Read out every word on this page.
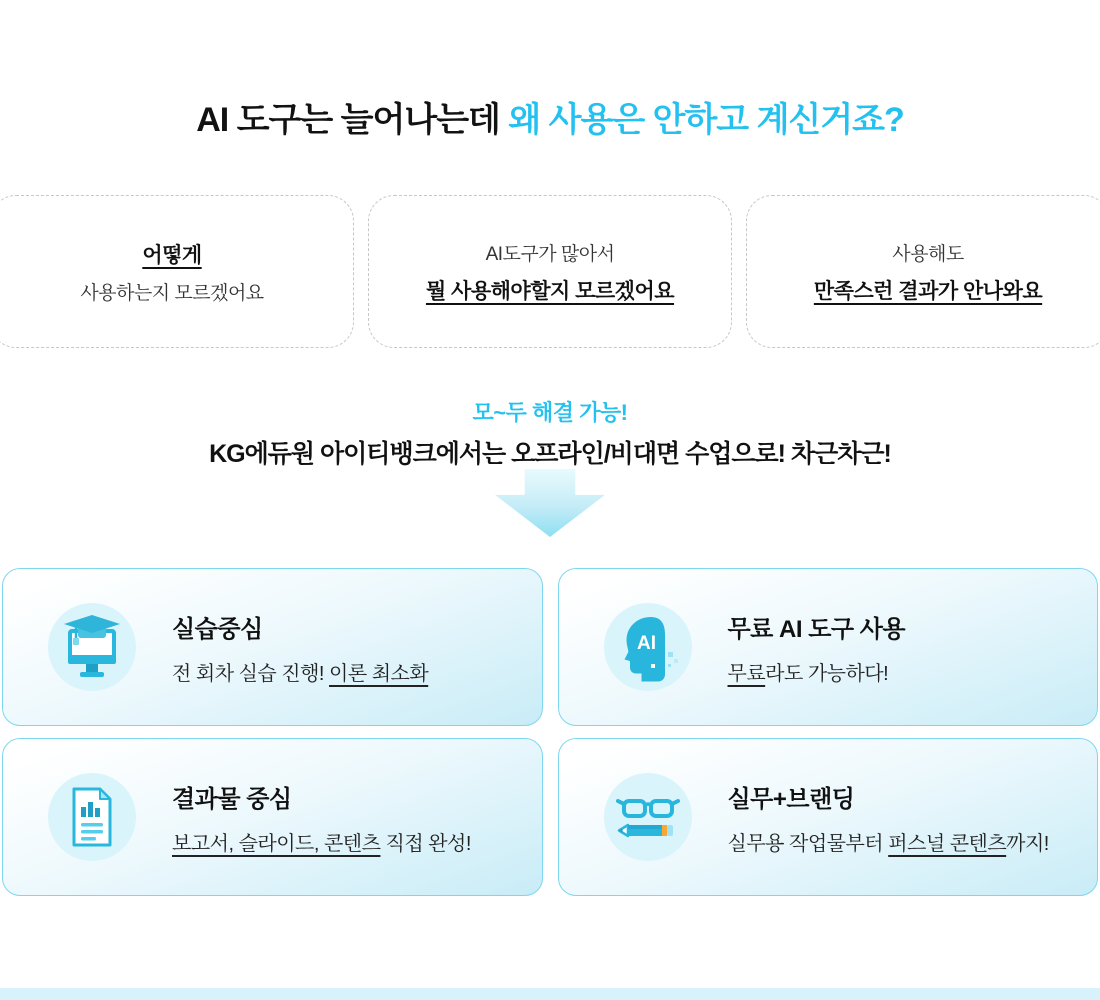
AI 도구는 늘어나는데 왜 사용은 안하고 계신거죠?
어떻게
사용하는지 모르겠어요
AI도구가 많아서
뭘 사용해야할지 모르겠어요
사용해도
만족스런 결과가 안나와요
모~두 해결 가능!
KG에듀원 아이티뱅크에서는 오프라인/비대면 수업으로! 차근차근!
실습중심
전 회차 실습 진행! 이론 최소화
AI
무료 AI 도구 사용
무료라도 가능하다!
결과물 중심
보고서, 슬라이드, 콘텐츠 직접 완성!
실무+브랜딩
실무용 작업물부터 퍼스널 콘텐츠까지!
